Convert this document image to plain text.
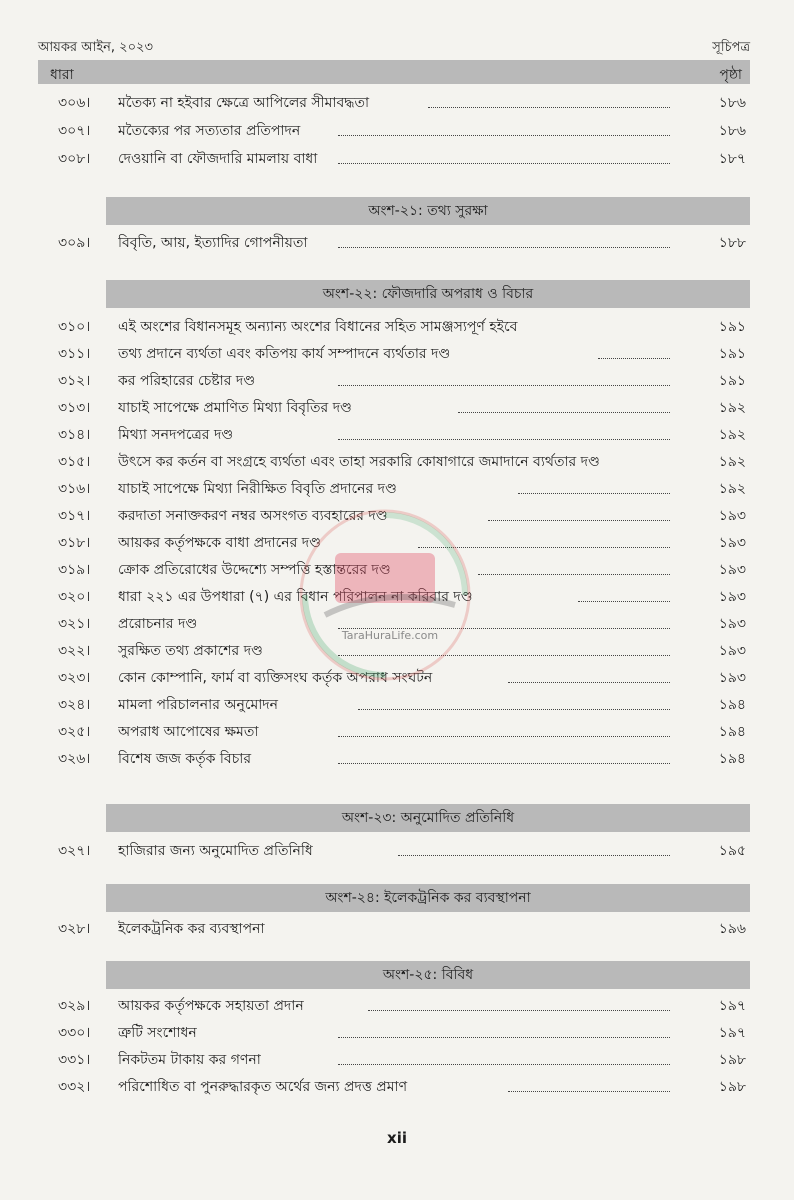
আয়কর আইন, ২০২৩	সূচিপত্র
ধারা	পৃষ্ঠা
৩০৬।	মতৈক্য না হইবার ক্ষেত্রে আপিলের সীমাবদ্ধতা	১৮৬
৩০৭।	মতৈক্যের পর সত্যতার প্রতিপাদন	১৮৬
৩০৮।	দেওয়ানি বা ফৌজদারি মামলায় বাধা	১৮৭
অংশ-২১: তথ্য সুরক্ষা
৩০৯।	বিবৃতি, আয়, ইত্যাদির গোপনীয়তা	১৮৮
অংশ-২২: ফৌজদারি অপরাধ ও বিচার
৩১০।	এই অংশের বিধানসমূহ অন্যান্য অংশের বিধানের সহিত সামঞ্জস্যপূর্ণ হইবে	১৯১
৩১১।	তথ্য প্রদানে ব্যর্থতা এবং কতিপয় কার্য সম্পাদনে ব্যর্থতার দণ্ড	১৯১
৩১২।	কর পরিহারের চেষ্টার দণ্ড	১৯১
৩১৩।	যাচাই সাপেক্ষে প্রমাণিত মিথ্যা বিবৃতির দণ্ড	১৯২
৩১৪।	মিথ্যা সনদপত্রের দণ্ড	১৯২
৩১৫।	উৎসে কর কর্তন বা সংগ্রহে ব্যর্থতা এবং তাহা সরকারি কোষাগারে জমাদানে ব্যর্থতার দণ্ড	১৯২
৩১৬।	যাচাই সাপেক্ষে মিথ্যা নিরীক্ষিত বিবৃতি প্রদানের দণ্ড	১৯২
৩১৭।	করদাতা সনাক্তকরণ নম্বর অসংগত ব্যবহারের দণ্ড	১৯৩
৩১৮।	আয়কর কর্তৃপক্ষকে বাধা প্রদানের দণ্ড	১৯৩
৩১৯।	ক্রোক প্রতিরোধের উদ্দেশ্যে সম্পত্তি হস্তান্তরের দণ্ড	১৯৩
৩২০।	ধারা ২২১ এর উপধারা (৭) এর বিধান পরিপালন না করিবার দণ্ড	১৯৩
৩২১।	প্ররোচনার দণ্ড	১৯৩
৩২২।	সুরক্ষিত তথ্য প্রকাশের দণ্ড	১৯৩
৩২৩।	কোন কোম্পানি, ফার্ম বা ব্যক্তিসংঘ কর্তৃক অপরাধ সংঘটন	১৯৩
৩২৪।	মামলা পরিচালনার অনুমোদন	১৯৪
৩২৫।	অপরাধ আপোষের ক্ষমতা	১৯৪
৩২৬।	বিশেষ জজ কর্তৃক বিচার	১৯৪
অংশ-২৩: অনুমোদিত প্রতিনিধি
৩২৭।	হাজিরার জন্য অনুমোদিত প্রতিনিধি	১৯৫
অংশ-২৪: ইলেকট্রনিক কর ব্যবস্থাপনা
৩২৮।	ইলেকট্রনিক কর ব্যবস্থাপনা	১৯৬
অংশ-২৫: বিবিধ
৩২৯।	আয়কর কর্তৃপক্ষকে সহায়তা প্রদান	১৯৭
৩৩০।	ত্রুটি সংশোধন	১৯৭
৩৩১।	নিকটতম টাকায় কর গণনা	১৯৮
৩৩২।	পরিশোধিত বা পুনরুদ্ধারকৃত অর্থের জন্য প্রদত্ত প্রমাণ	১৯৮
TaraHuraLife.com
xii
